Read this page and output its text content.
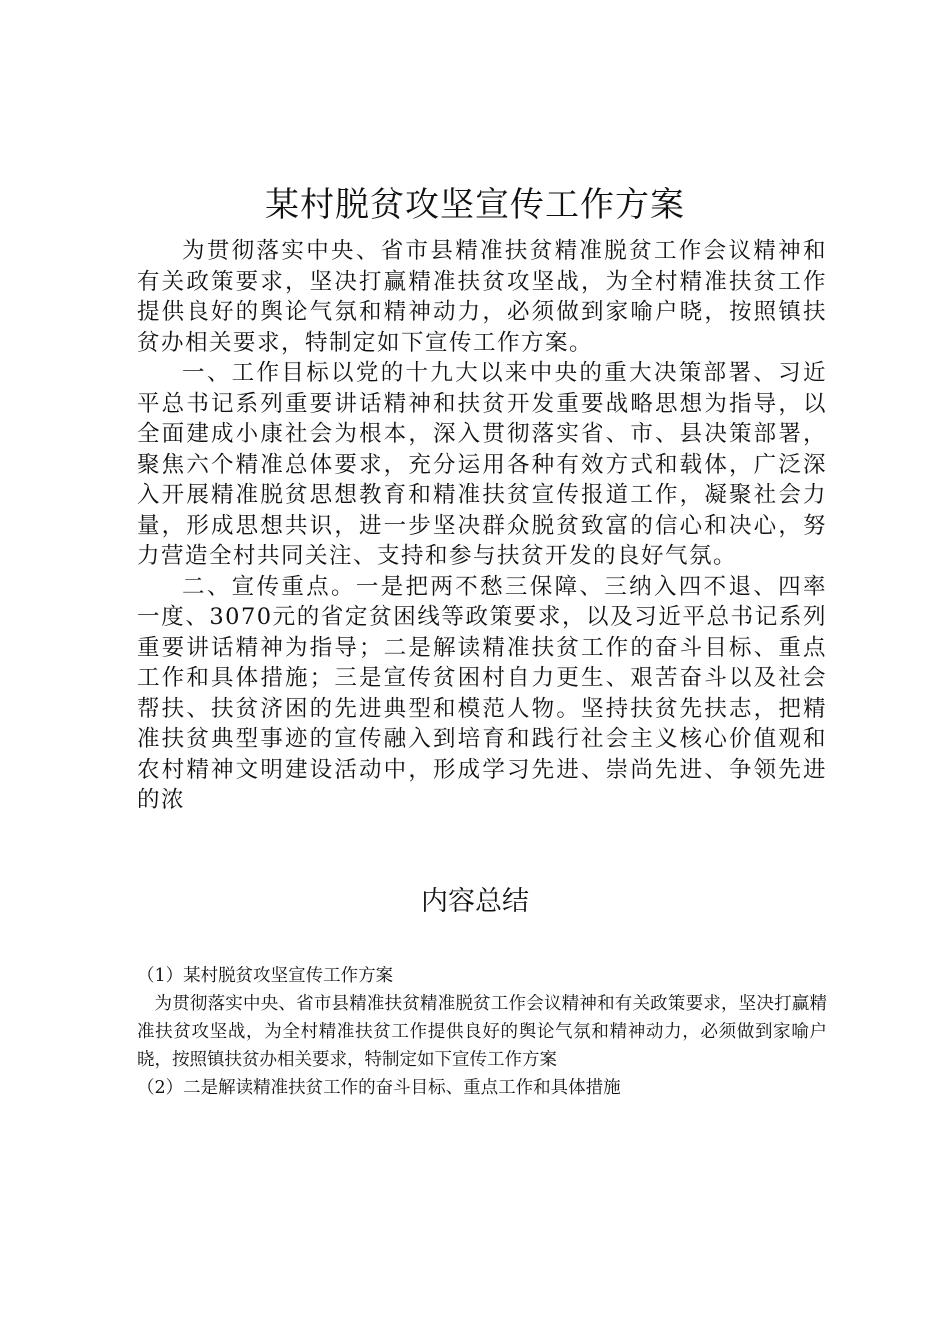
某村脱贫攻坚宣传工作方案

为贯彻落实中央、省市县精准扶贫精准脱贫工作会议精神和有关政策要求，坚决打赢精准扶贫攻坚战，为全村精准扶贫工作提供良好的舆论气氛和精神动力，必须做到家喻户晓，按照镇扶贫办相关要求，特制定如下宣传工作方案。

一、工作目标以党的十九大以来中央的重大决策部署、习近平总书记系列重要讲话精神和扶贫开发重要战略思想为指导，以全面建成小康社会为根本，深入贯彻落实省、市、县决策部署，聚焦六个精准总体要求，充分运用各种有效方式和载体，广泛深入开展精准脱贫思想教育和精准扶贫宣传报道工作，凝聚社会力量，形成思想共识，进一步坚决群众脱贫致富的信心和决心，努力营造全村共同关注、支持和参与扶贫开发的良好气氛。

二、宣传重点。一是把两不愁三保障、三纳入四不退、四率一度、3070元的省定贫困线等政策要求，以及习近平总书记系列重要讲话精神为指导；二是解读精准扶贫工作的奋斗目标、重点工作和具体措施；三是宣传贫困村自力更生、艰苦奋斗以及社会帮扶、扶贫济困的先进典型和模范人物。坚持扶贫先扶志，把精准扶贫典型事迹的宣传融入到培育和践行社会主义核心价值观和农村精神文明建设活动中，形成学习先进、崇尚先进、争领先进的浓

内容总结

（1）某村脱贫攻坚宣传工作方案

为贯彻落实中央、省市县精准扶贫精准脱贫工作会议精神和有关政策要求，坚决打赢精准扶贫攻坚战，为全村精准扶贫工作提供良好的舆论气氛和精神动力，必须做到家喻户晓，按照镇扶贫办相关要求，特制定如下宣传工作方案

（2）二是解读精准扶贫工作的奋斗目标、重点工作和具体措施
